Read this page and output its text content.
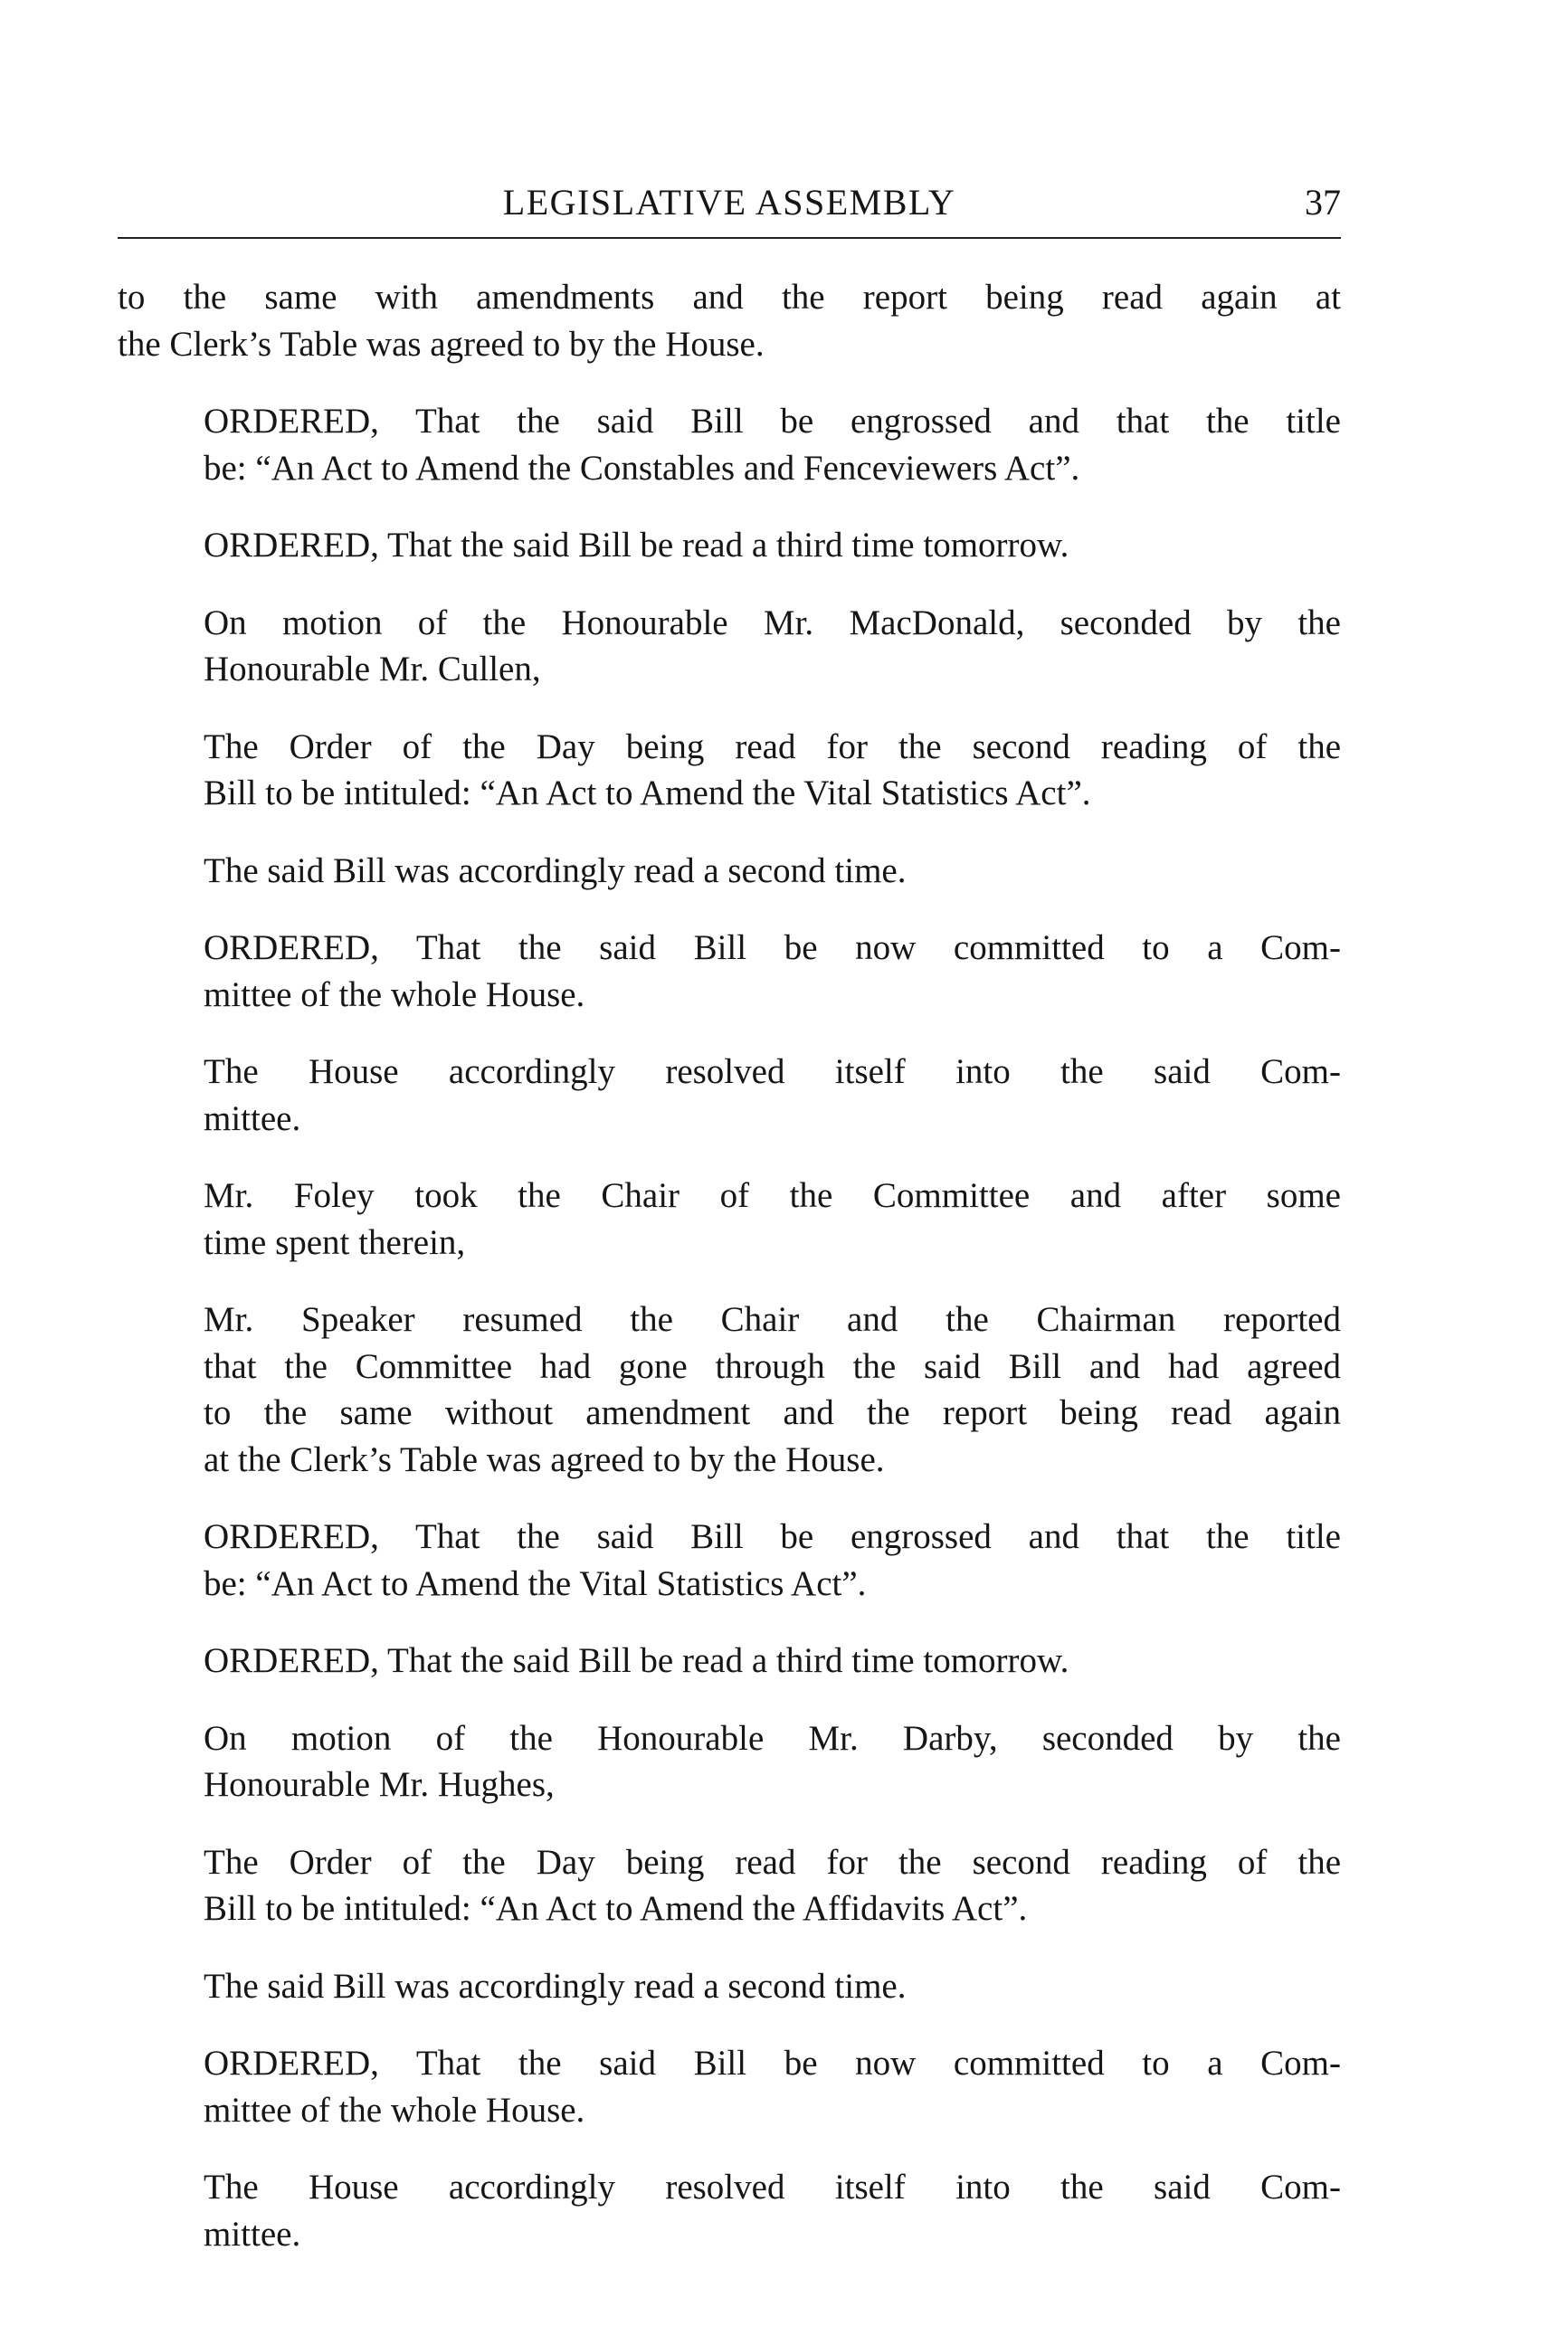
LEGISLATIVE ASSEMBLY	37

to the same with amendments and the report being read again at
the Clerk’s Table was agreed to by the House.

ORDERED, That the said Bill be engrossed and that the title
be: “An Act to Amend the Constables and Fenceviewers Act”.

ORDERED, That the said Bill be read a third time tomorrow.

On motion of the Honourable Mr. MacDonald, seconded by the
Honourable Mr. Cullen,

The Order of the Day being read for the second reading of the
Bill to be intituled: “An Act to Amend the Vital Statistics Act”.

The said Bill was accordingly read a second time.

ORDERED, That the said Bill be now committed to a Com-
mittee of the whole House.

The House accordingly resolved itself into the said Com-
mittee.

Mr. Foley took the Chair of the Committee and after some
time spent therein,

Mr. Speaker resumed the Chair and the Chairman reported
that the Committee had gone through the said Bill and had agreed
to the same without amendment and the report being read again
at the Clerk’s Table was agreed to by the House.

ORDERED, That the said Bill be engrossed and that the title
be: “An Act to Amend the Vital Statistics Act”.

ORDERED, That the said Bill be read a third time tomorrow.

On motion of the Honourable Mr. Darby, seconded by the
Honourable Mr. Hughes,

The Order of the Day being read for the second reading of the
Bill to be intituled: “An Act to Amend the Affidavits Act”.

The said Bill was accordingly read a second time.

ORDERED, That the said Bill be now committed to a Com-
mittee of the whole House.

The House accordingly resolved itself into the said Com-
mittee.
